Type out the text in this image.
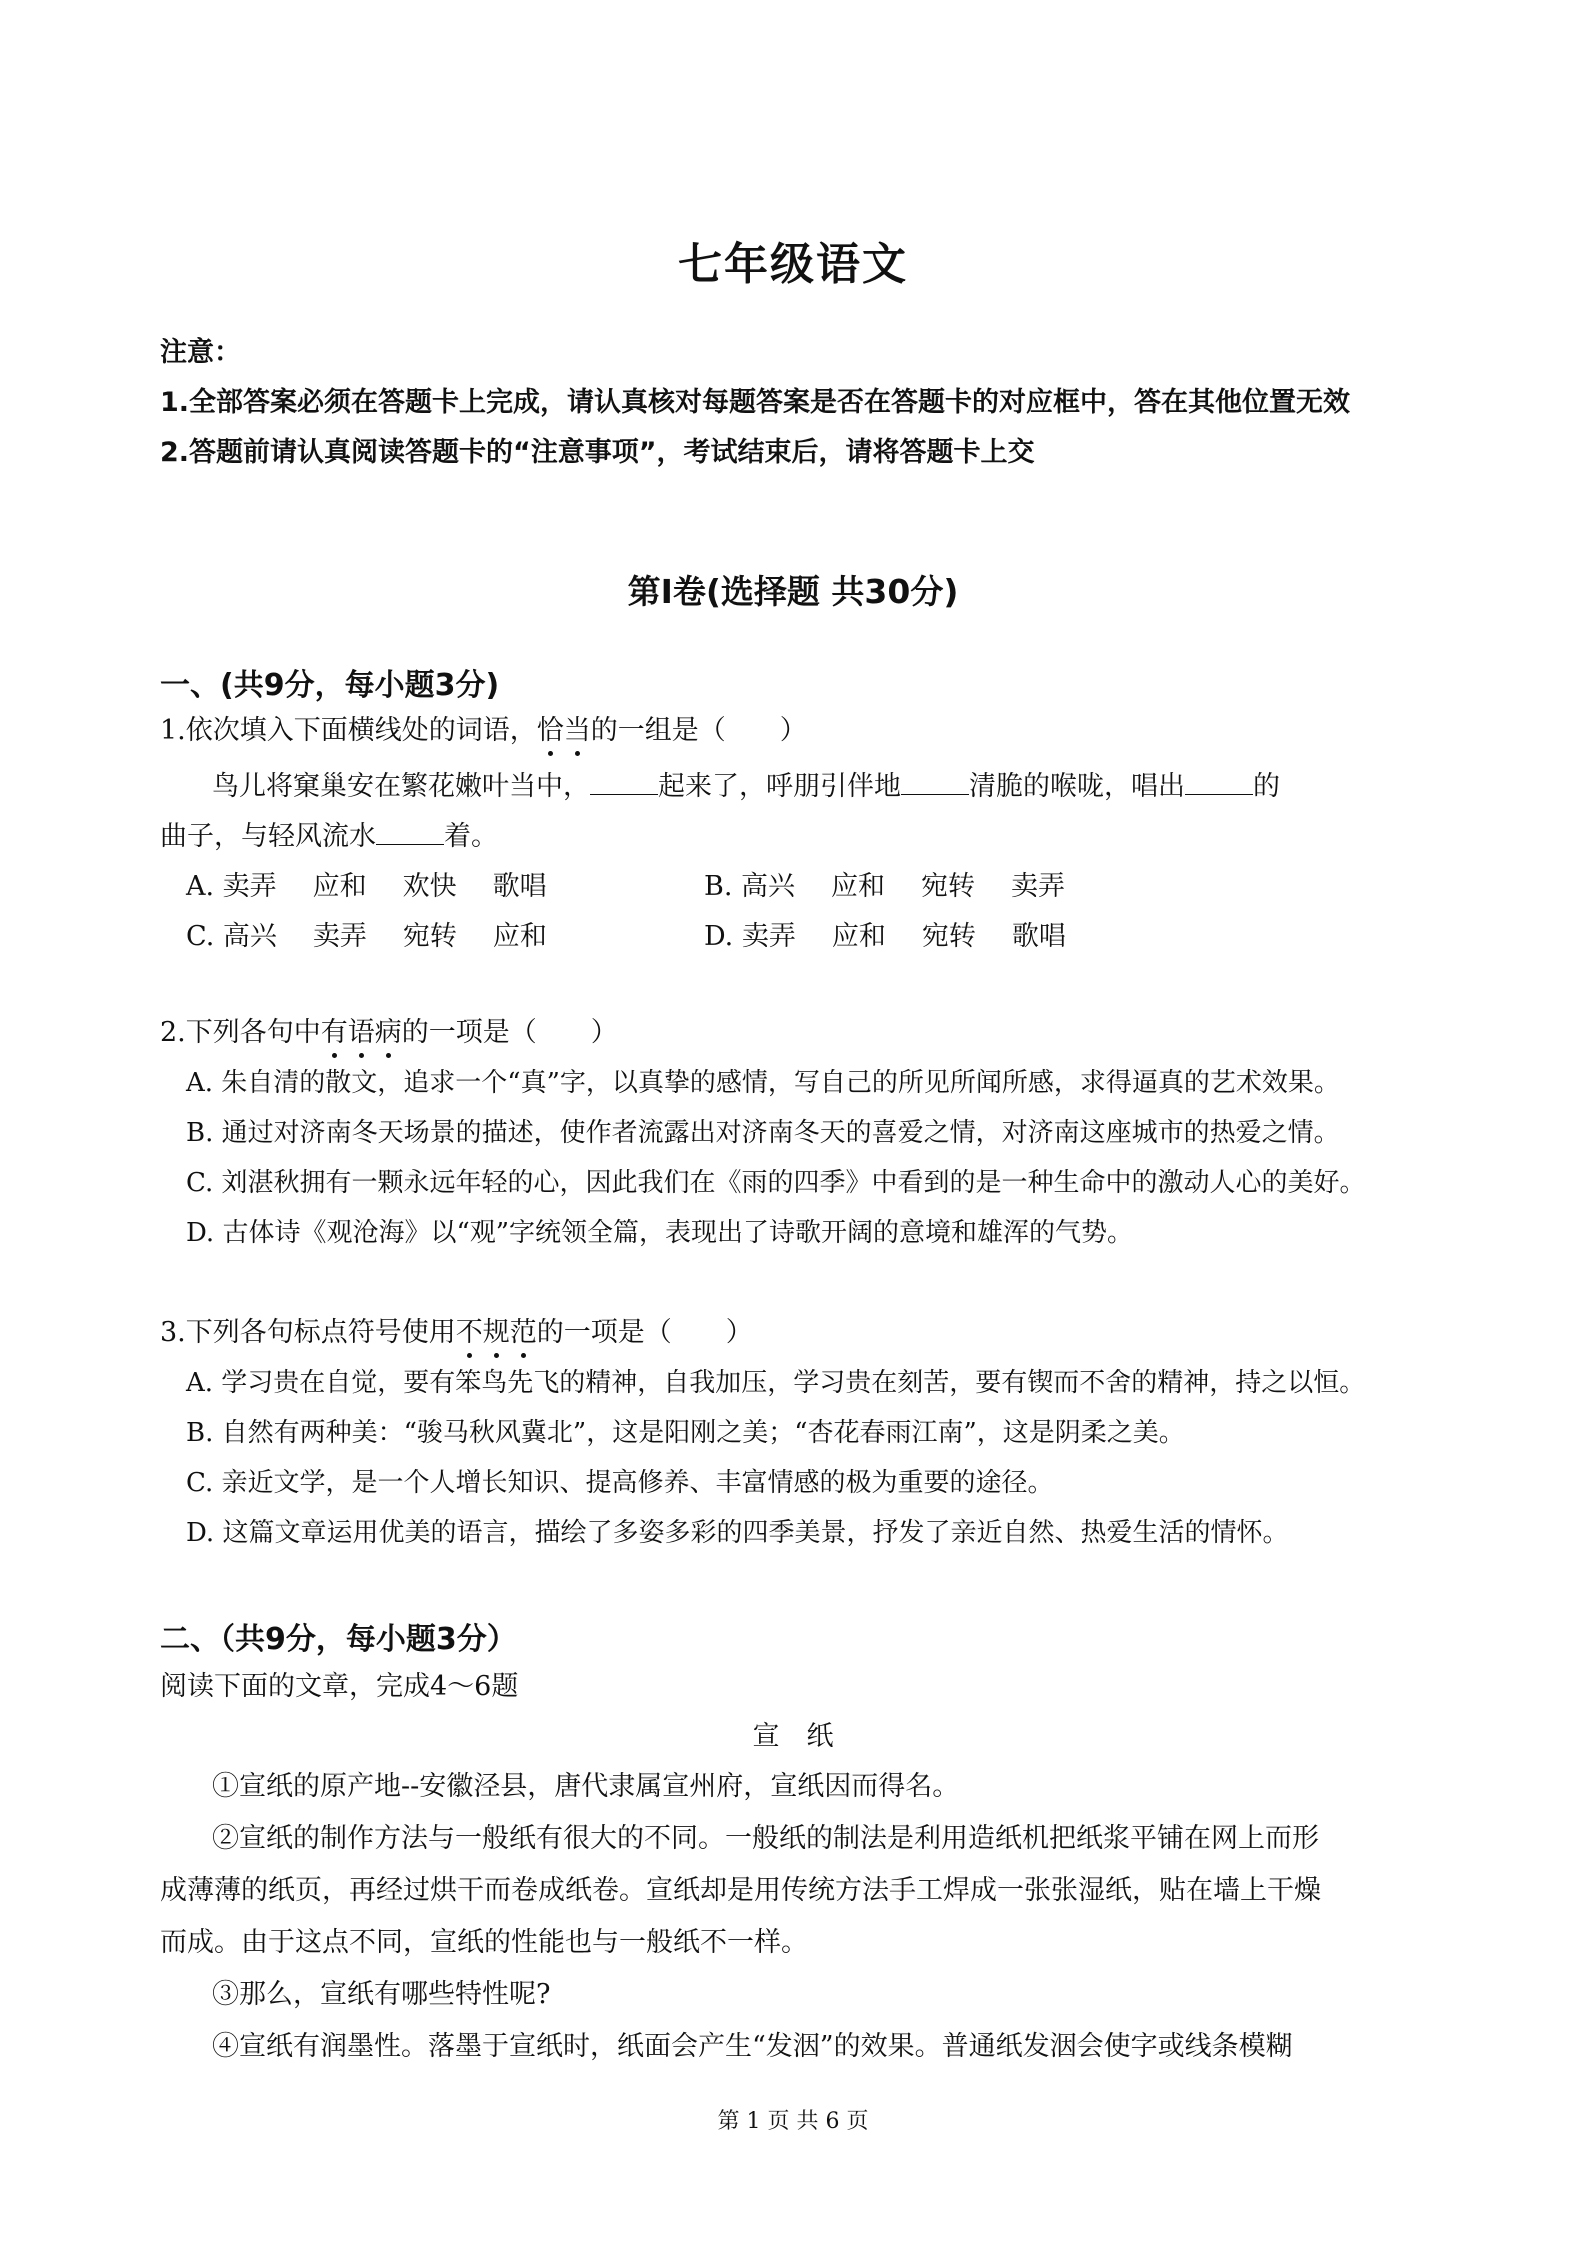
七年级语文
注意：
1.全部答案必须在答题卡上完成，请认真核对每题答案是否在答题卡的对应框中，答在其他位置无效
2.答题前请认真阅读答题卡的“注意事项”，考试结束后，请将答题卡上交
第Ⅰ卷(选择题 共30分)
一、(共9分，每小题3分)
1.依次填入下面横线处的词语，恰当的一组是（　　）
鸟儿将窠巢安在繁花嫩叶当中，	起来了，呼朋引伴地	清脆的喉咙，唱出	的
曲子，与轻风流水	着。
A. 卖弄 应和 欢快 歌唱	B. 高兴 应和 宛转 卖弄
C. 高兴 卖弄 宛转 应和	D. 卖弄 应和 宛转 歌唱
2.下列各句中有语病的一项是（　　）
A. 朱自清的散文，追求一个“真”字，以真挚的感情，写自己的所见所闻所感，求得逼真的艺术效果。
B. 通过对济南冬天场景的描述，使作者流露出对济南冬天的喜爱之情，对济南这座城市的热爱之情。
C. 刘湛秋拥有一颗永远年轻的心，因此我们在《雨的四季》中看到的是一种生命中的激动人心的美好。
D. 古体诗《观沧海》以“观”字统领全篇，表现出了诗歌开阔的意境和雄浑的气势。
3.下列各句标点符号使用不规范的一项是（　　）
A. 学习贵在自觉，要有笨鸟先飞的精神，自我加压，学习贵在刻苦，要有锲而不舍的精神，持之以恒。
B. 自然有两种美：“骏马秋风冀北”，这是阳刚之美；“杏花春雨江南”，这是阴柔之美。
C. 亲近文学，是一个人增长知识、提高修养、丰富情感的极为重要的途径。
D. 这篇文章运用优美的语言，描绘了多姿多彩的四季美景，抒发了亲近自然、热爱生活的情怀。
二、（共9分，每小题3分）
阅读下面的文章，完成4～6题
宣　纸
①宣纸的原产地--安徽泾县，唐代隶属宣州府，宣纸因而得名。
②宣纸的制作方法与一般纸有很大的不同。一般纸的制法是利用造纸机把纸浆平铺在网上而形
成薄薄的纸页，再经过烘干而卷成纸卷。宣纸却是用传统方法手工焊成一张张湿纸，贴在墙上干燥
而成。由于这点不同，宣纸的性能也与一般纸不一样。
③那么，宣纸有哪些特性呢?
④宣纸有润墨性。落墨于宣纸时，纸面会产生“发洇”的效果。普通纸发洇会使字或线条模糊
第 1 页 共 6 页
